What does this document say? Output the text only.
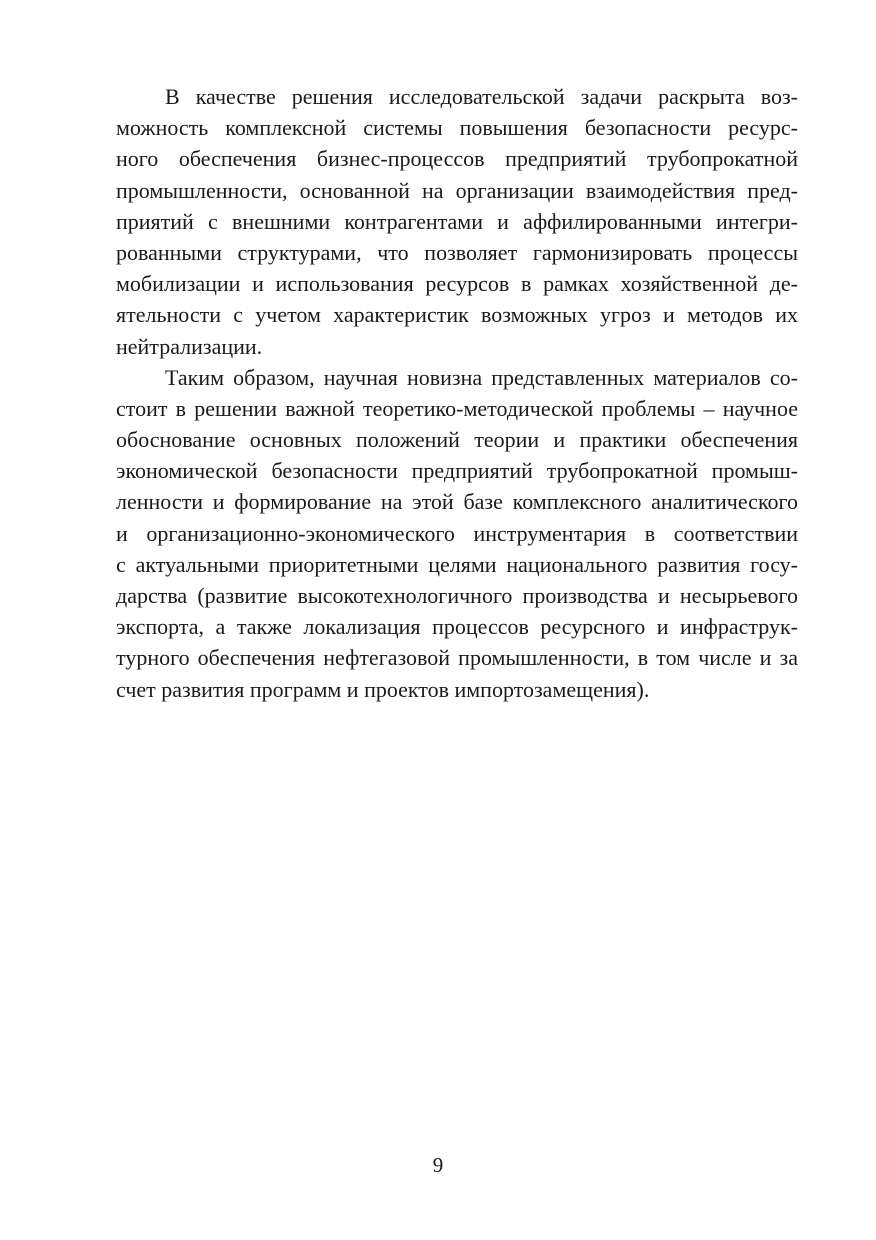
В качестве решения исследовательской задачи раскрыта воз-
можность комплексной системы повышения безопасности ресурс-
ного обеспечения бизнес-процессов предприятий трубопрокатной
промышленности, основанной на организации взаимодействия пред-
приятий с внешними контрагентами и аффилированными интегри-
рованными структурами, что позволяет гармонизировать процессы
мобилизации и использования ресурсов в рамках хозяйственной де-
ятельности с учетом характеристик возможных угроз и методов их
нейтрализации.
Таким образом, научная новизна представленных материалов со-
стоит в решении важной теоретико-методической проблемы – научное
обоснование основных положений теории и практики обеспечения
экономической безопасности предприятий трубопрокатной промыш-
ленности и формирование на этой базе комплексного аналитического
и организационно-экономического инструментария в соответствии
с актуальными приоритетными целями национального развития госу-
дарства (развитие высокотехнологичного производства и несырьевого
экспорта, а также локализация процессов ресурсного и инфраструк-
турного обеспечения нефтегазовой промышленности, в том числе и за
счет развития программ и проектов импортозамещения).
9
